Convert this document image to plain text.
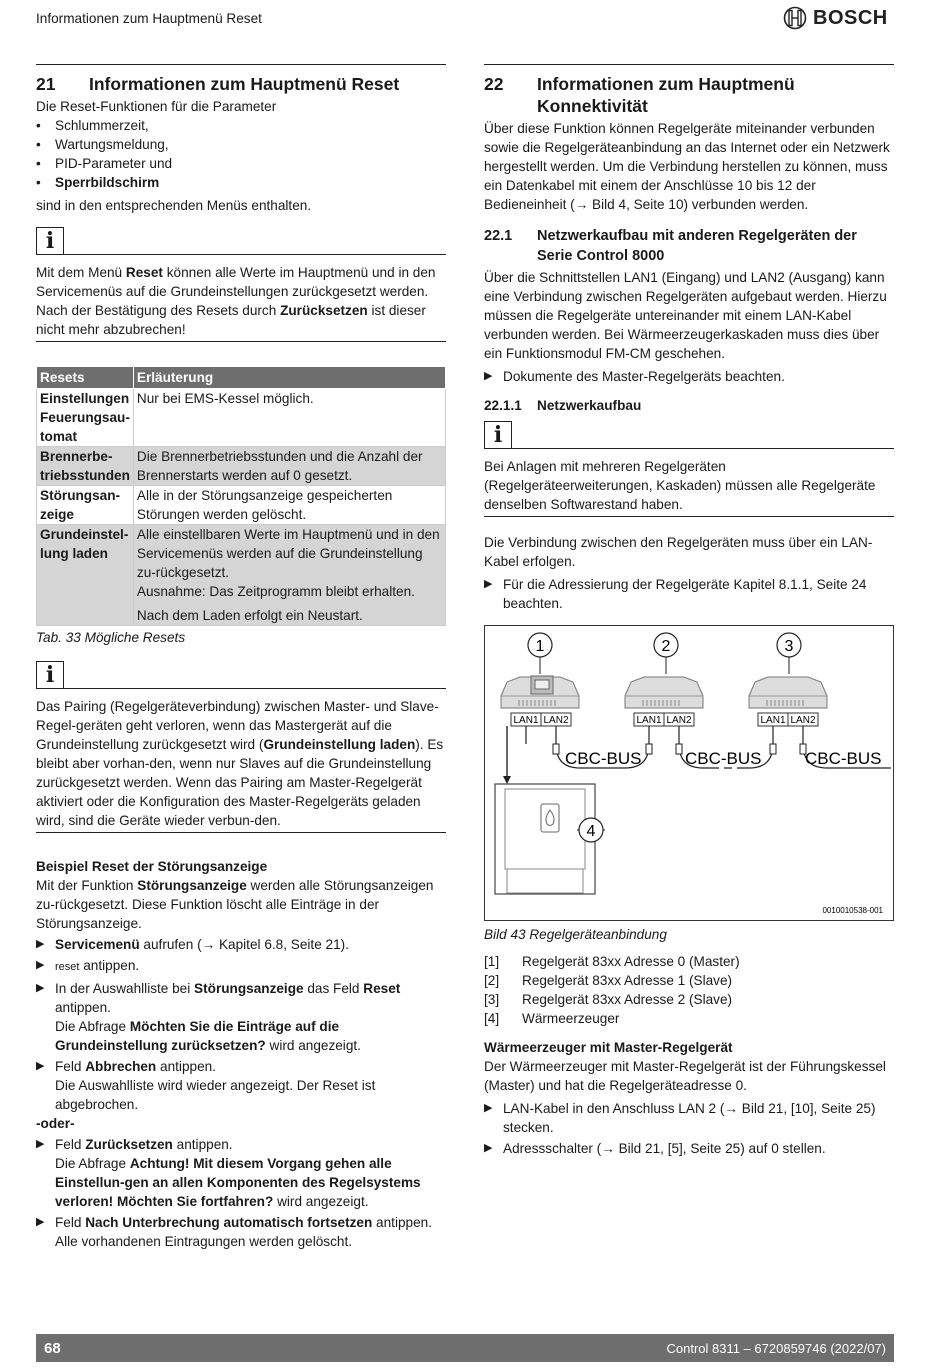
Informationen zum Hauptmenü Reset	BOSCH
21	Informationen zum Hauptmenü Reset

Die Reset-Funktionen für die Parameter

•	Schlummerzeit,
•	Wartungsmeldung,
•	PID-Parameter und
•	Sperrbildschirm

sind in den entsprechenden Menüs enthalten.

i

Mit dem Menü Reset können alle Werte im Hauptmenü und in den Servicemenüs auf die Grundeinstellungen zurückgesetzt werden. Nach der Bestätigung des Resets durch Zurücksetzen ist dieser nicht mehr abzubrechen!

Resets	Erläuterung
Einstellungen Feuerungsau-tomat	Nur bei EMS-Kessel möglich.
Brennerbe-triebsstunden	Die Brennerbetriebsstunden und die Anzahl der Brennerstarts werden auf 0 gesetzt.
Störungsan-zeige	Alle in der Störungsanzeige gespeicherten Störungen werden gelöscht.
Grundeinstel-lung laden	Alle einstellbaren Werte im Hauptmenü und in den Servicemenüs werden auf die Grundeinstellung zu-rückgesetzt.
Ausnahme: Das Zeitprogramm bleibt erhalten.
Nach dem Laden erfolgt ein Neustart.

Tab. 33 Mögliche Resets

i

Das Pairing (Regelgeräteverbindung) zwischen Master- und Slave-Regel-geräten geht verloren, wenn das Mastergerät auf die Grundeinstellung zurückgesetzt wird (Grundeinstellung laden). Es bleibt aber vorhan-den, wenn nur Slaves auf die Grundeinstellung zurückgesetzt werden. Wenn das Pairing am Master-Regelgerät aktiviert oder die Konfiguration des Master-Regelgeräts geladen wird, sind die Geräte wieder verbun-den.

Beispiel Reset der Störungsanzeige

Mit der Funktion Störungsanzeige werden alle Störungsanzeigen zu-rückgesetzt. Diese Funktion löscht alle Einträge in der Störungsanzeige.

▶ Servicemenü aufrufen (→ Kapitel 6.8, Seite 21).
▶ reset antippen.
▶ In der Auswahlliste bei Störungsanzeige das Feld Reset antippen.
Die Abfrage Möchten Sie die Einträge auf die Grundeinstellung zurücksetzen? wird angezeigt.
▶ Feld Abbrechen antippen.
Die Auswahlliste wird wieder angezeigt. Der Reset ist abgebrochen.

-oder-

▶ Feld Zurücksetzen antippen.
Die Abfrage Achtung! Mit diesem Vorgang gehen alle Einstellun-gen an allen Komponenten des Regelsystems verloren! Möchten Sie fortfahren? wird angezeigt.
▶ Feld Nach Unterbrechung automatisch fortsetzen antippen.
Alle vorhandenen Eintragungen werden gelöscht.
22	Informationen zum Hauptmenü Konnektivität

Über diese Funktion können Regelgeräte miteinander verbunden sowie die Regelgeräteanbindung an das Internet oder ein Netzwerk hergestellt werden. Um die Verbindung herstellen zu können, muss ein Datenkabel mit einem der Anschlüsse 10 bis 12 der Bedieneinheit (→ Bild 4, Seite 10) verbunden werden.

22.1	Netzwerkaufbau mit anderen Regelgeräten der Serie Control 8000

Über die Schnittstellen LAN1 (Eingang) und LAN2 (Ausgang) kann eine Verbindung zwischen Regelgeräten aufgebaut werden. Hierzu müssen die Regelgeräte untereinander mit einem LAN-Kabel verbunden werden. Bei Wärmeerzeugerkaskaden muss dies über ein Funktionsmodul FM-CM geschehen.

▶ Dokumente des Master-Regelgeräts beachten.
22.1.1	Netzwerkaufbau
i

Bei Anlagen mit mehreren Regelgeräten (Regelgeräteerweiterungen, Kaskaden) müssen alle Regelgeräte denselben Softwarestand haben.

Die Verbindung zwischen den Regelgeräten muss über ein LAN-Kabel erfolgen.

▶ Für die Adressierung der Regelgeräte Kapitel 8.1.1, Seite 24 beachten.
1	2	3
LAN1 LAN2	LAN1 LAN2	LAN1 LAN2
CBC-BUS	CBC-BUS	CBC-BUS
4
0010010538-001

Bild 43 Regelgeräteanbindung

[1]	Regelgerät 83xx Adresse 0 (Master)
[2]	Regelgerät 83xx Adresse 1 (Slave)
[3]	Regelgerät 83xx Adresse 2 (Slave)
[4]	Wärmeerzeuger
Wärmeerzeuger mit Master-Regelgerät

Der Wärmeerzeuger mit Master-Regelgerät ist der Führungskessel (Master) und hat die Regelgeräteadresse 0.

▶ LAN-Kabel in den Anschluss LAN 2 (→ Bild 21, [10], Seite 25) stecken.
▶ Adressschalter (→ Bild 21, [5], Seite 25) auf 0 stellen.
68	Control 8311 – 6720859746 (2022/07)
